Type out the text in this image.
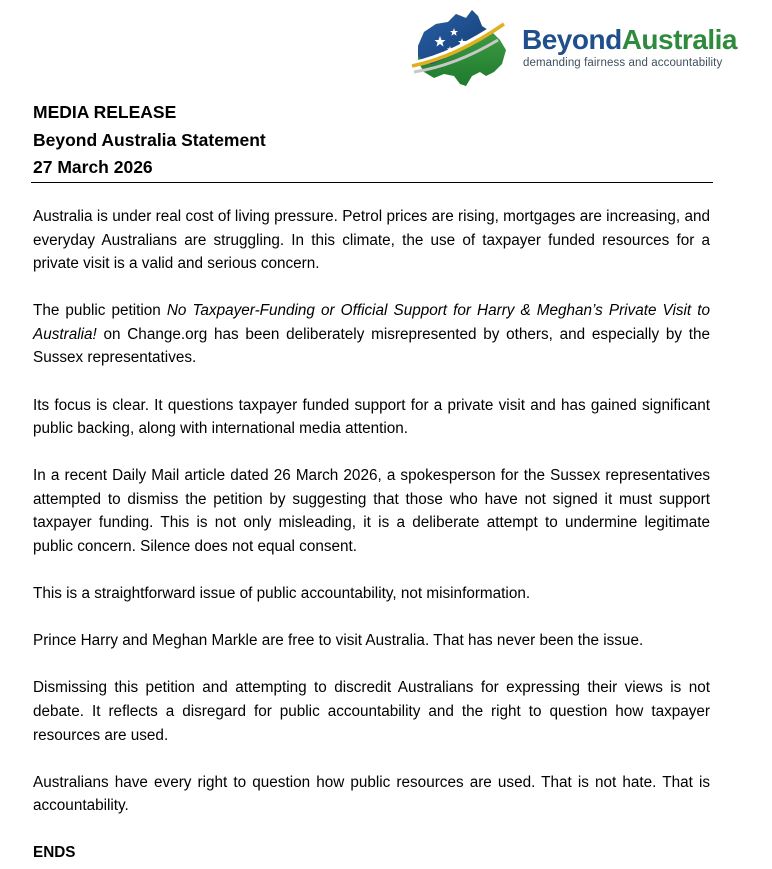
BeyondAustralia
demanding fairness and accountability
MEDIA RELEASE
Beyond Australia Statement
27 March 2026

Australia is under real cost of living pressure. Petrol prices are rising, mortgages are increasing, and everyday Australians are struggling. In this climate, the use of taxpayer funded resources for a private visit is a valid and serious concern.

The public petition No Taxpayer-Funding or Official Support for Harry & Meghan’s Private Visit to Australia! on Change.org has been deliberately misrepresented by others, and especially by the Sussex representatives.

Its focus is clear. It questions taxpayer funded support for a private visit and has gained significant public backing, along with international media attention.

In a recent Daily Mail article dated 26 March 2026, a spokesperson for the Sussex representatives attempted to dismiss the petition by suggesting that those who have not signed it must support taxpayer funding. This is not only misleading, it is a deliberate attempt to undermine legitimate public concern. Silence does not equal consent.

This is a straightforward issue of public accountability, not misinformation.

Prince Harry and Meghan Markle are free to visit Australia. That has never been the issue.

Dismissing this petition and attempting to discredit Australians for expressing their views is not debate. It reflects a disregard for public accountability and the right to question how taxpayer resources are used.

Australians have every right to question how public resources are used. That is not hate. That is accountability.

ENDS
